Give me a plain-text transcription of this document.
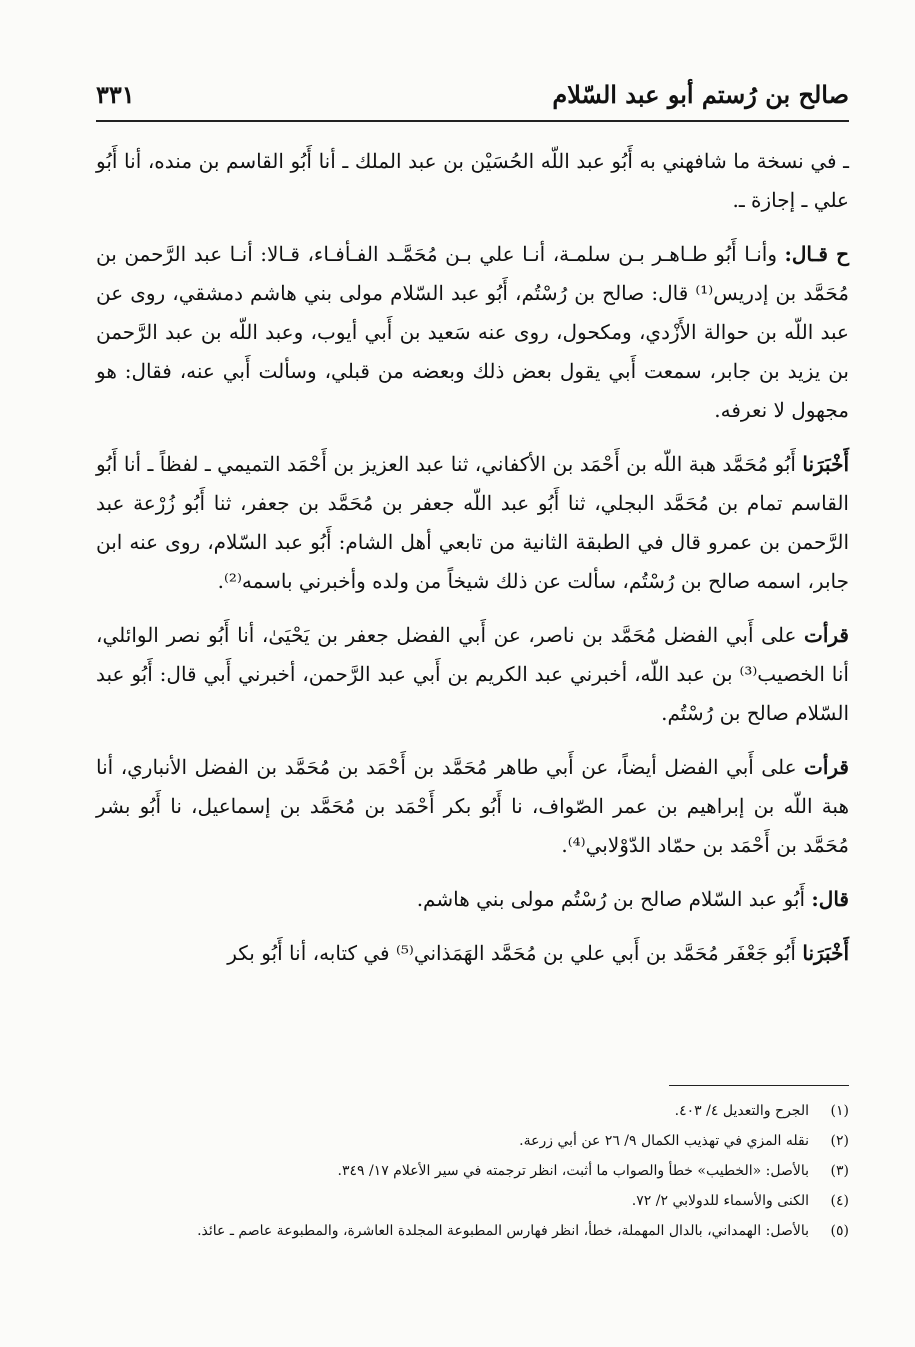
صالح بن رُستم أبو عبد السّلام
٣٣١

ـ في نسخة ما شافهني به أَبُو عبد اللّه الحُسَيْن بن عبد الملك ـ أنا أَبُو القاسم بن منده، أنا أَبُو علي ـ إجازة ـ.

ح قـال: وأنـا أَبُو طـاهـر بـن سلمـة، أنـا علي بـن مُحَمَّـد الفـأفـاء، قـالا: أنـا عبد الرَّحمن بن مُحَمَّد بن إدريس⁽¹⁾ قال: صالح بن رُسْتُم، أَبُو عبد السّلام مولى بني هاشم دمشقي، روى عن عبد اللّه بن حوالة الأَزْدي، ومكحول، روى عنه سَعيد بن أَبي أيوب، وعبد اللّه بن عبد الرَّحمن بن يزيد بن جابر، سمعت أَبي يقول بعض ذلك وبعضه من قبلي، وسألت أَبي عنه، فقال: هو مجهول لا نعرفه.

أَخْبَرَنا أَبُو مُحَمَّد هبة اللّه بن أَحْمَد بن الأكفاني، ثنا عبد العزيز بن أَحْمَد التميمي ـ لفظاً ـ أنا أَبُو القاسم تمام بن مُحَمَّد البجلي، ثنا أَبُو عبد اللّه جعفر بن مُحَمَّد بن جعفر، ثنا أَبُو زُرْعة عبد الرَّحمن بن عمرو قال في الطبقة الثانية من تابعي أهل الشام: أَبُو عبد السّلام، روى عنه ابن جابر، اسمه صالح بن رُسْتُم، سألت عن ذلك شيخاً من ولده وأخبرني باسمه⁽²⁾.

قرأت على أَبي الفضل مُحَمَّد بن ناصر، عن أَبي الفضل جعفر بن يَحْيَىٰ، أنا أَبُو نصر الوائلي، أنا الخصيب⁽³⁾ بن عبد اللّه، أخبرني عبد الكريم بن أَبي عبد الرَّحمن، أخبرني أَبي قال: أَبُو عبد السّلام صالح بن رُسْتُم.

قرأت على أَبي الفضل أيضاً، عن أَبي طاهر مُحَمَّد بن أَحْمَد بن مُحَمَّد بن الفضل الأنباري، أنا هبة اللّه بن إبراهيم بن عمر الصّواف، نا أَبُو بكر أَحْمَد بن مُحَمَّد بن إسماعيل، نا أَبُو بشر مُحَمَّد بن أَحْمَد بن حمّاد الدّوْلابي⁽⁴⁾.

قال: أَبُو عبد السّلام صالح بن رُسْتُم مولى بني هاشم.

أَخْبَرَنا أَبُو جَعْفَر مُحَمَّد بن أَبي علي بن مُحَمَّد الهَمَذاني⁽⁵⁾ في كتابه، أنا أَبُو بكر

(١)
الجرح والتعديل ٤/ ٤٠٣.
(٢)
نقله المزي في تهذيب الكمال ٩/ ٢٦ عن أبي زرعة.
(٣)
بالأصل: «الخطيب» خطأ والصواب ما أثبت، انظر ترجمته في سير الأعلام ١٧/ ٣٤٩.
(٤)
الكنى والأسماء للدولابي ٢/ ٧٢.
(٥)
بالأصل: الهمداني، بالدال المهملة، خطأ، انظر فهارس المطبوعة المجلدة العاشرة، والمطبوعة عاصم ـ عائذ.
